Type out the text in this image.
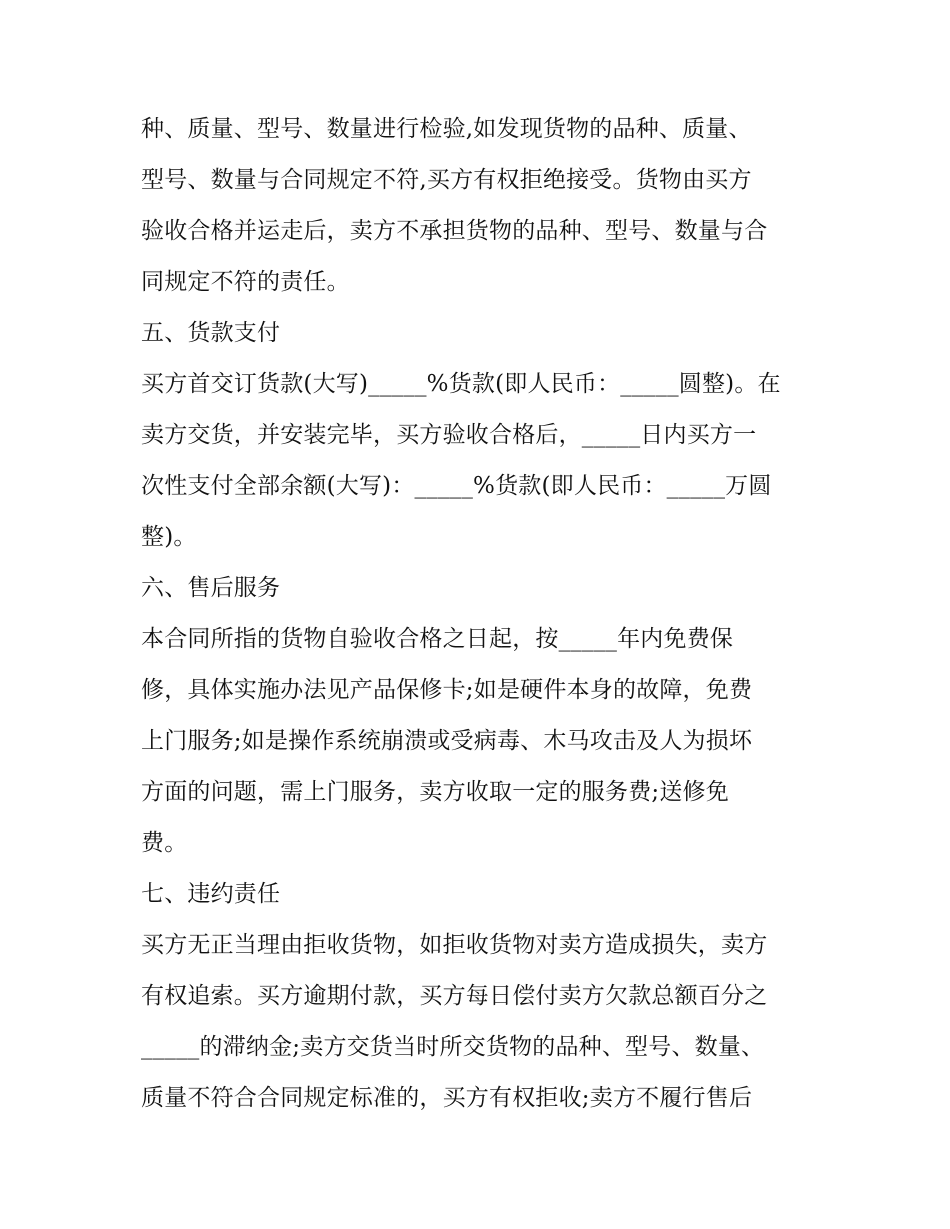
种、质量、型号、数量进行检验,如发现货物的品种、质量、
型号、数量与合同规定不符,买方有权拒绝接受。货物由买方
验收合格并运走后，卖方不承担货物的品种、型号、数量与合
同规定不符的责任。
五、货款支付
买方首交订货款(大写)_____%货款(即人民币：_____圆整)。在
卖方交货，并安装完毕，买方验收合格后，_____日内买方一
次性支付全部余额(大写)：_____%货款(即人民币：_____万圆
整)。
六、售后服务
本合同所指的货物自验收合格之日起，按_____年内免费保
修，具体实施办法见产品保修卡;如是硬件本身的故障，免费
上门服务;如是操作系统崩溃或受病毒、木马攻击及人为损坏
方面的问题，需上门服务，卖方收取一定的服务费;送修免
费。
七、违约责任
买方无正当理由拒收货物，如拒收货物对卖方造成损失，卖方
有权追索。买方逾期付款，买方每日偿付卖方欠款总额百分之
_____的滞纳金;卖方交货当时所交货物的品种、型号、数量、
质量不符合合同规定标准的，买方有权拒收;卖方不履行售后
